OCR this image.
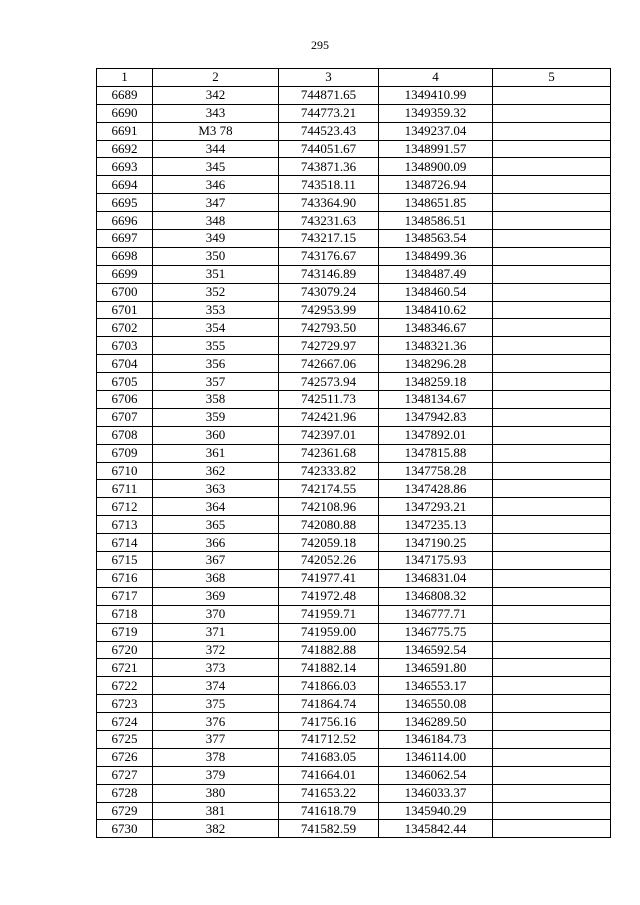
295
1	2	3	4	5
6689	342	744871.65	1349410.99	
6690	343	744773.21	1349359.32	
6691	М3 78	744523.43	1349237.04	
6692	344	744051.67	1348991.57	
6693	345	743871.36	1348900.09	
6694	346	743518.11	1348726.94	
6695	347	743364.90	1348651.85	
6696	348	743231.63	1348586.51	
6697	349	743217.15	1348563.54	
6698	350	743176.67	1348499.36	
6699	351	743146.89	1348487.49	
6700	352	743079.24	1348460.54	
6701	353	742953.99	1348410.62	
6702	354	742793.50	1348346.67	
6703	355	742729.97	1348321.36	
6704	356	742667.06	1348296.28	
6705	357	742573.94	1348259.18	
6706	358	742511.73	1348134.67	
6707	359	742421.96	1347942.83	
6708	360	742397.01	1347892.01	
6709	361	742361.68	1347815.88	
6710	362	742333.82	1347758.28	
6711	363	742174.55	1347428.86	
6712	364	742108.96	1347293.21	
6713	365	742080.88	1347235.13	
6714	366	742059.18	1347190.25	
6715	367	742052.26	1347175.93	
6716	368	741977.41	1346831.04	
6717	369	741972.48	1346808.32	
6718	370	741959.71	1346777.71	
6719	371	741959.00	1346775.75	
6720	372	741882.88	1346592.54	
6721	373	741882.14	1346591.80	
6722	374	741866.03	1346553.17	
6723	375	741864.74	1346550.08	
6724	376	741756.16	1346289.50	
6725	377	741712.52	1346184.73	
6726	378	741683.05	1346114.00	
6727	379	741664.01	1346062.54	
6728	380	741653.22	1346033.37	
6729	381	741618.79	1345940.29	
6730	382	741582.59	1345842.44	
